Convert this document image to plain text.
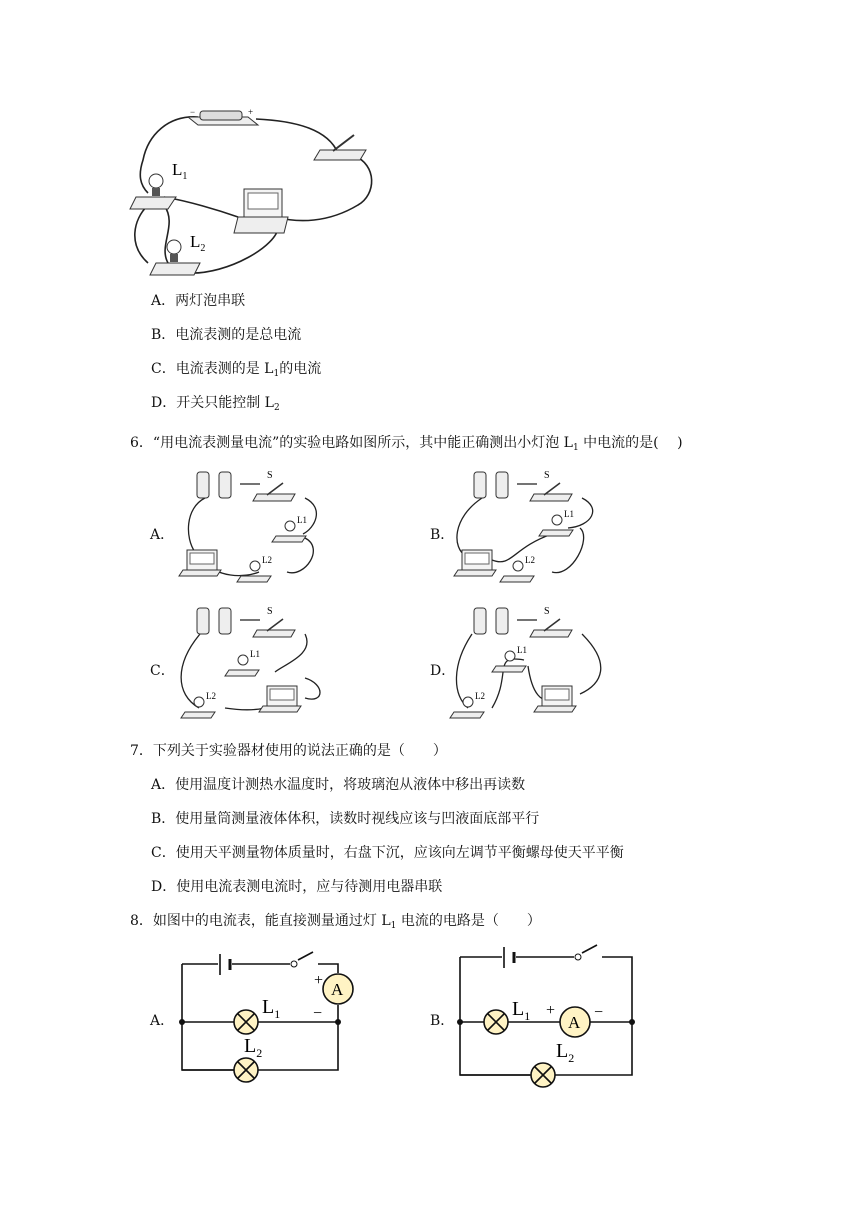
−	+
$L_1$
$L_2$
A．两灯泡串联
B．电流表测的是总电流
C．电流表测的是 $L_1$的电流
D．开关只能控制 $L_2$
6．“用电流表测量电流”的实验电路如图所示，其中能正确测出小灯泡 $L_1$ 中电流的是(　 )
A．	B．
C．	D．
S
L1
L2
S
L1
L2
S
L1
L2
S
L1
L2
7．下列关于实验器材使用的说法正确的是（　　）
A．使用温度计测热水温度时，将玻璃泡从液体中移出再读数
B．使用量筒测量液体体积，读数时视线应该与凹液面底部平行
C．使用天平测量物体质量时，右盘下沉，应该向左调节平衡螺母使天平平衡
D．使用电流表测电流时，应与待测用电器串联
8．如图中的电流表，能直接测量通过灯 $L_1$ 电流的电路是（　　）
A．	B．
A
+
−
$L_1$
$L_2$
$L_1$ A
+ −
$L_2$
